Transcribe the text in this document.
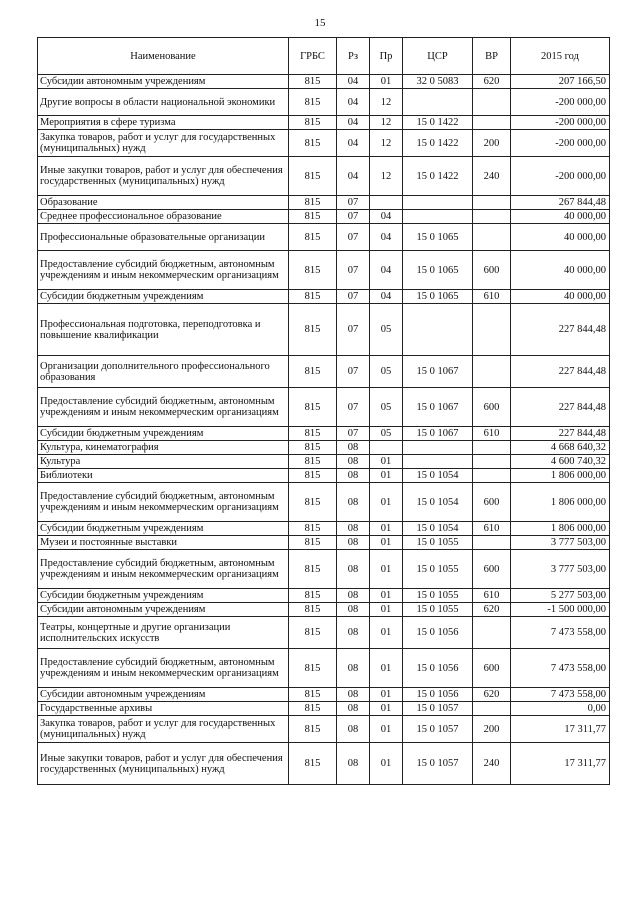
15
Наименование	ГРБС	Рз	Пр	ЦСР	ВР	2015 год
Субсидии автономным учреждениям	815	04	01	32 0 5083	620	207 166,50
Другие вопросы в области национальной экономики	815	04	12			-200 000,00
Мероприятия в сфере туризма	815	04	12	15 0 1422		-200 000,00
Закупка товаров, работ и услуг для государственных (муниципальных) нужд	815	04	12	15 0 1422	200	-200 000,00
Иные закупки товаров, работ и услуг для обеспечения государственных (муниципальных) нужд	815	04	12	15 0 1422	240	-200 000,00
Образование	815	07				267 844,48
Среднее профессиональное образование	815	07	04			40 000,00
Профессиональные образовательные организации	815	07	04	15 0 1065		40 000,00
Предоставление субсидий бюджетным, автономным учреждениям и иным некоммерческим организациям	815	07	04	15 0 1065	600	40 000,00
Субсидии бюджетным учреждениям	815	07	04	15 0 1065	610	40 000,00
Профессиональная подготовка, переподготовка и повышение квалификации	815	07	05			227 844,48
Организации дополнительного профессионального образования	815	07	05	15 0 1067		227 844,48
Предоставление субсидий бюджетным, автономным учреждениям и иным некоммерческим организациям	815	07	05	15 0 1067	600	227 844,48
Субсидии бюджетным учреждениям	815	07	05	15 0 1067	610	227 844,48
Культура, кинематография	815	08				4 668 640,32
Культура	815	08	01			4 600 740,32
Библиотеки	815	08	01	15 0 1054		1 806 000,00
Предоставление субсидий бюджетным, автономным учреждениям и иным некоммерческим организациям	815	08	01	15 0 1054	600	1 806 000,00
Субсидии бюджетным учреждениям	815	08	01	15 0 1054	610	1 806 000,00
Музеи и постоянные выставки	815	08	01	15 0 1055		3 777 503,00
Предоставление субсидий бюджетным, автономным учреждениям и иным некоммерческим организациям	815	08	01	15 0 1055	600	3 777 503,00
Субсидии бюджетным учреждениям	815	08	01	15 0 1055	610	5 277 503,00
Субсидии автономным учреждениям	815	08	01	15 0 1055	620	-1 500 000,00
Театры, концертные и другие организации исполнительских искусств	815	08	01	15 0 1056		7 473 558,00
Предоставление субсидий бюджетным, автономным учреждениям и иным некоммерческим организациям	815	08	01	15 0 1056	600	7 473 558,00
Субсидии автономным учреждениям	815	08	01	15 0 1056	620	7 473 558,00
Государственные архивы	815	08	01	15 0 1057		0,00
Закупка товаров, работ и услуг для государственных (муниципальных) нужд	815	08	01	15 0 1057	200	17 311,77
Иные закупки товаров, работ и услуг для обеспечения государственных (муниципальных) нужд	815	08	01	15 0 1057	240	17 311,77
